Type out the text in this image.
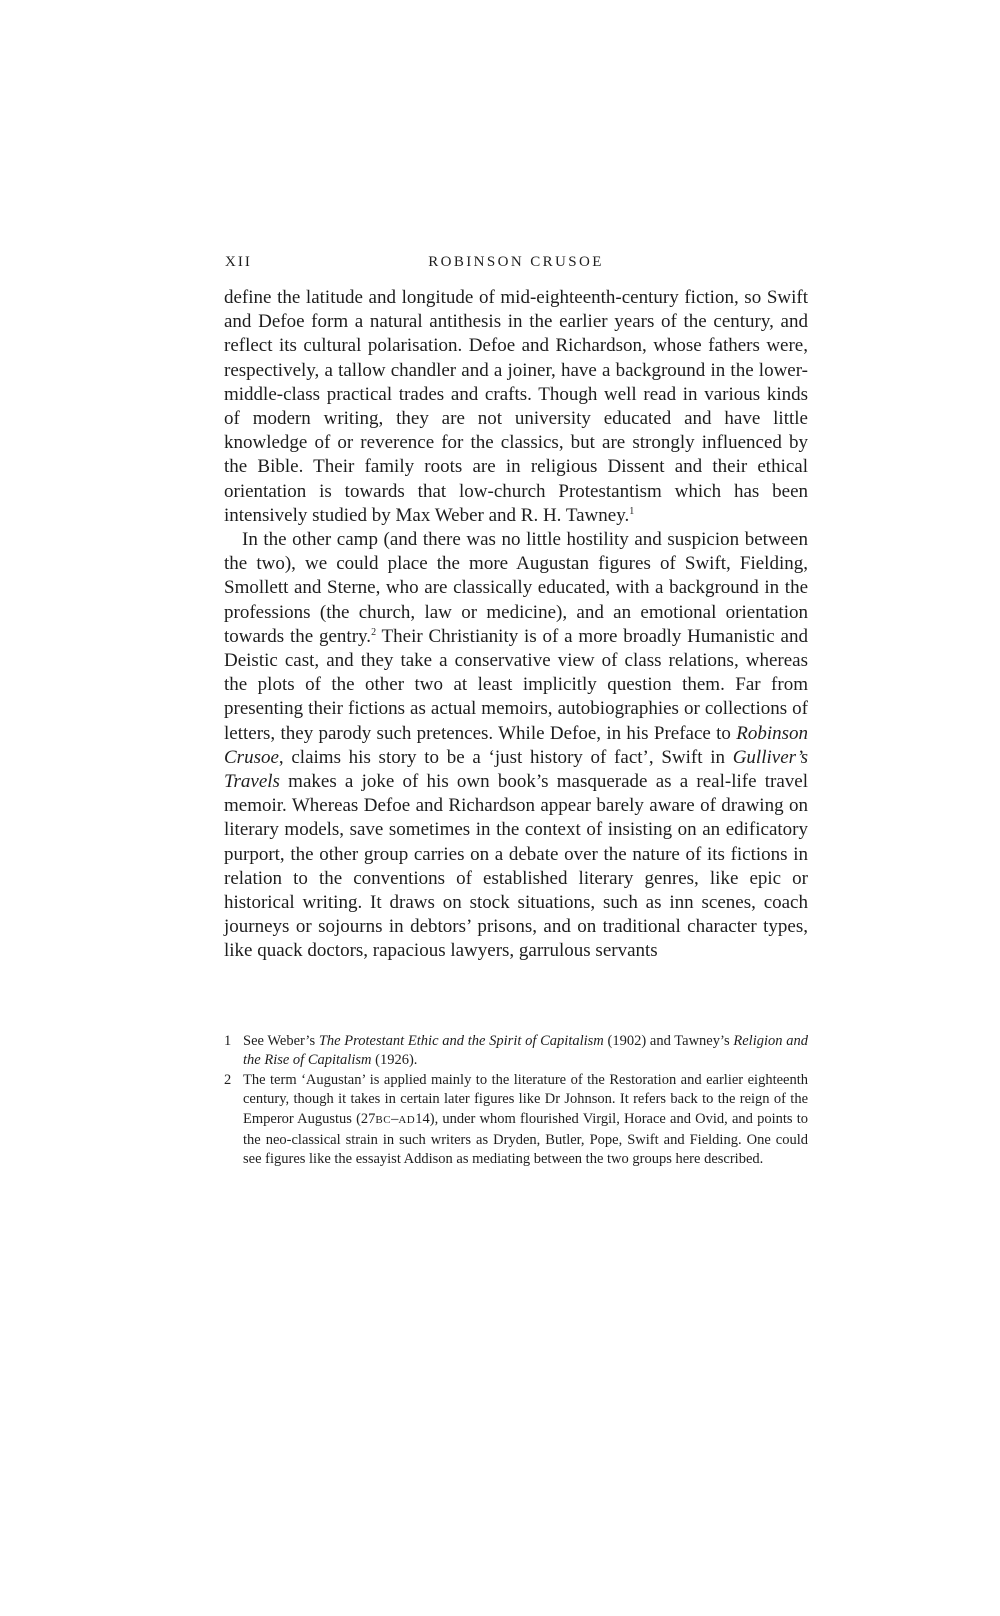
XII	ROBINSON CRUSOE

define the latitude and longitude of mid-eighteenth-century fiction, so Swift and Defoe form a natural antithesis in the earlier years of the century, and reflect its cultural polarisation. Defoe and Richardson, whose fathers were, respectively, a tallow chandler and a joiner, have a background in the lower-middle-class practical trades and crafts. Though well read in various kinds of modern writing, they are not university educated and have little knowledge of or reverence for the classics, but are strongly influenced by the Bible. Their family roots are in religious Dissent and their ethical orientation is towards that low-church Protestantism which has been intensively studied by Max Weber and R. H. Tawney.$^1$

In the other camp (and there was no little hostility and suspicion between the two), we could place the more Augustan figures of Swift, Fielding, Smollett and Sterne, who are classically educated, with a background in the professions (the church, law or medicine), and an emotional orientation towards the gentry.$^2$ Their Christianity is of a more broadly Humanistic and Deistic cast, and they take a conservative view of class relations, whereas the plots of the other two at least implicitly question them. Far from presenting their fictions as actual memoirs, autobiographies or collections of letters, they parody such pretences. While Defoe, in his Preface to Robinson Crusoe, claims his story to be a ‘just history of fact’, Swift in Gulliver’s Travels makes a joke of his own book’s masquerade as a real-life travel memoir. Whereas Defoe and Richardson appear barely aware of drawing on literary models, save sometimes in the context of insisting on an edificatory purport, the other group carries on a debate over the nature of its fictions in relation to the conventions of established literary genres, like epic or historical writing. It draws on stock situations, such as inn scenes, coach journeys or sojourns in debtors’ prisons, and on traditional character types, like quack doctors, rapacious lawyers, garrulous servants

1 See Weber’s The Protestant Ethic and the Spirit of Capitalism (1902) and Tawney’s Religion and the Rise of Capitalism (1926).
2 The term ‘Augustan’ is applied mainly to the literature of the Restoration and earlier eighteenth century, though it takes in certain later figures like Dr Johnson. It refers back to the reign of the Emperor Augustus (27BC–AD14), under whom flourished Virgil, Horace and Ovid, and points to the neo-classical strain in such writers as Dryden, Butler, Pope, Swift and Fielding. One could see figures like the essayist Addison as mediating between the two groups here described.
